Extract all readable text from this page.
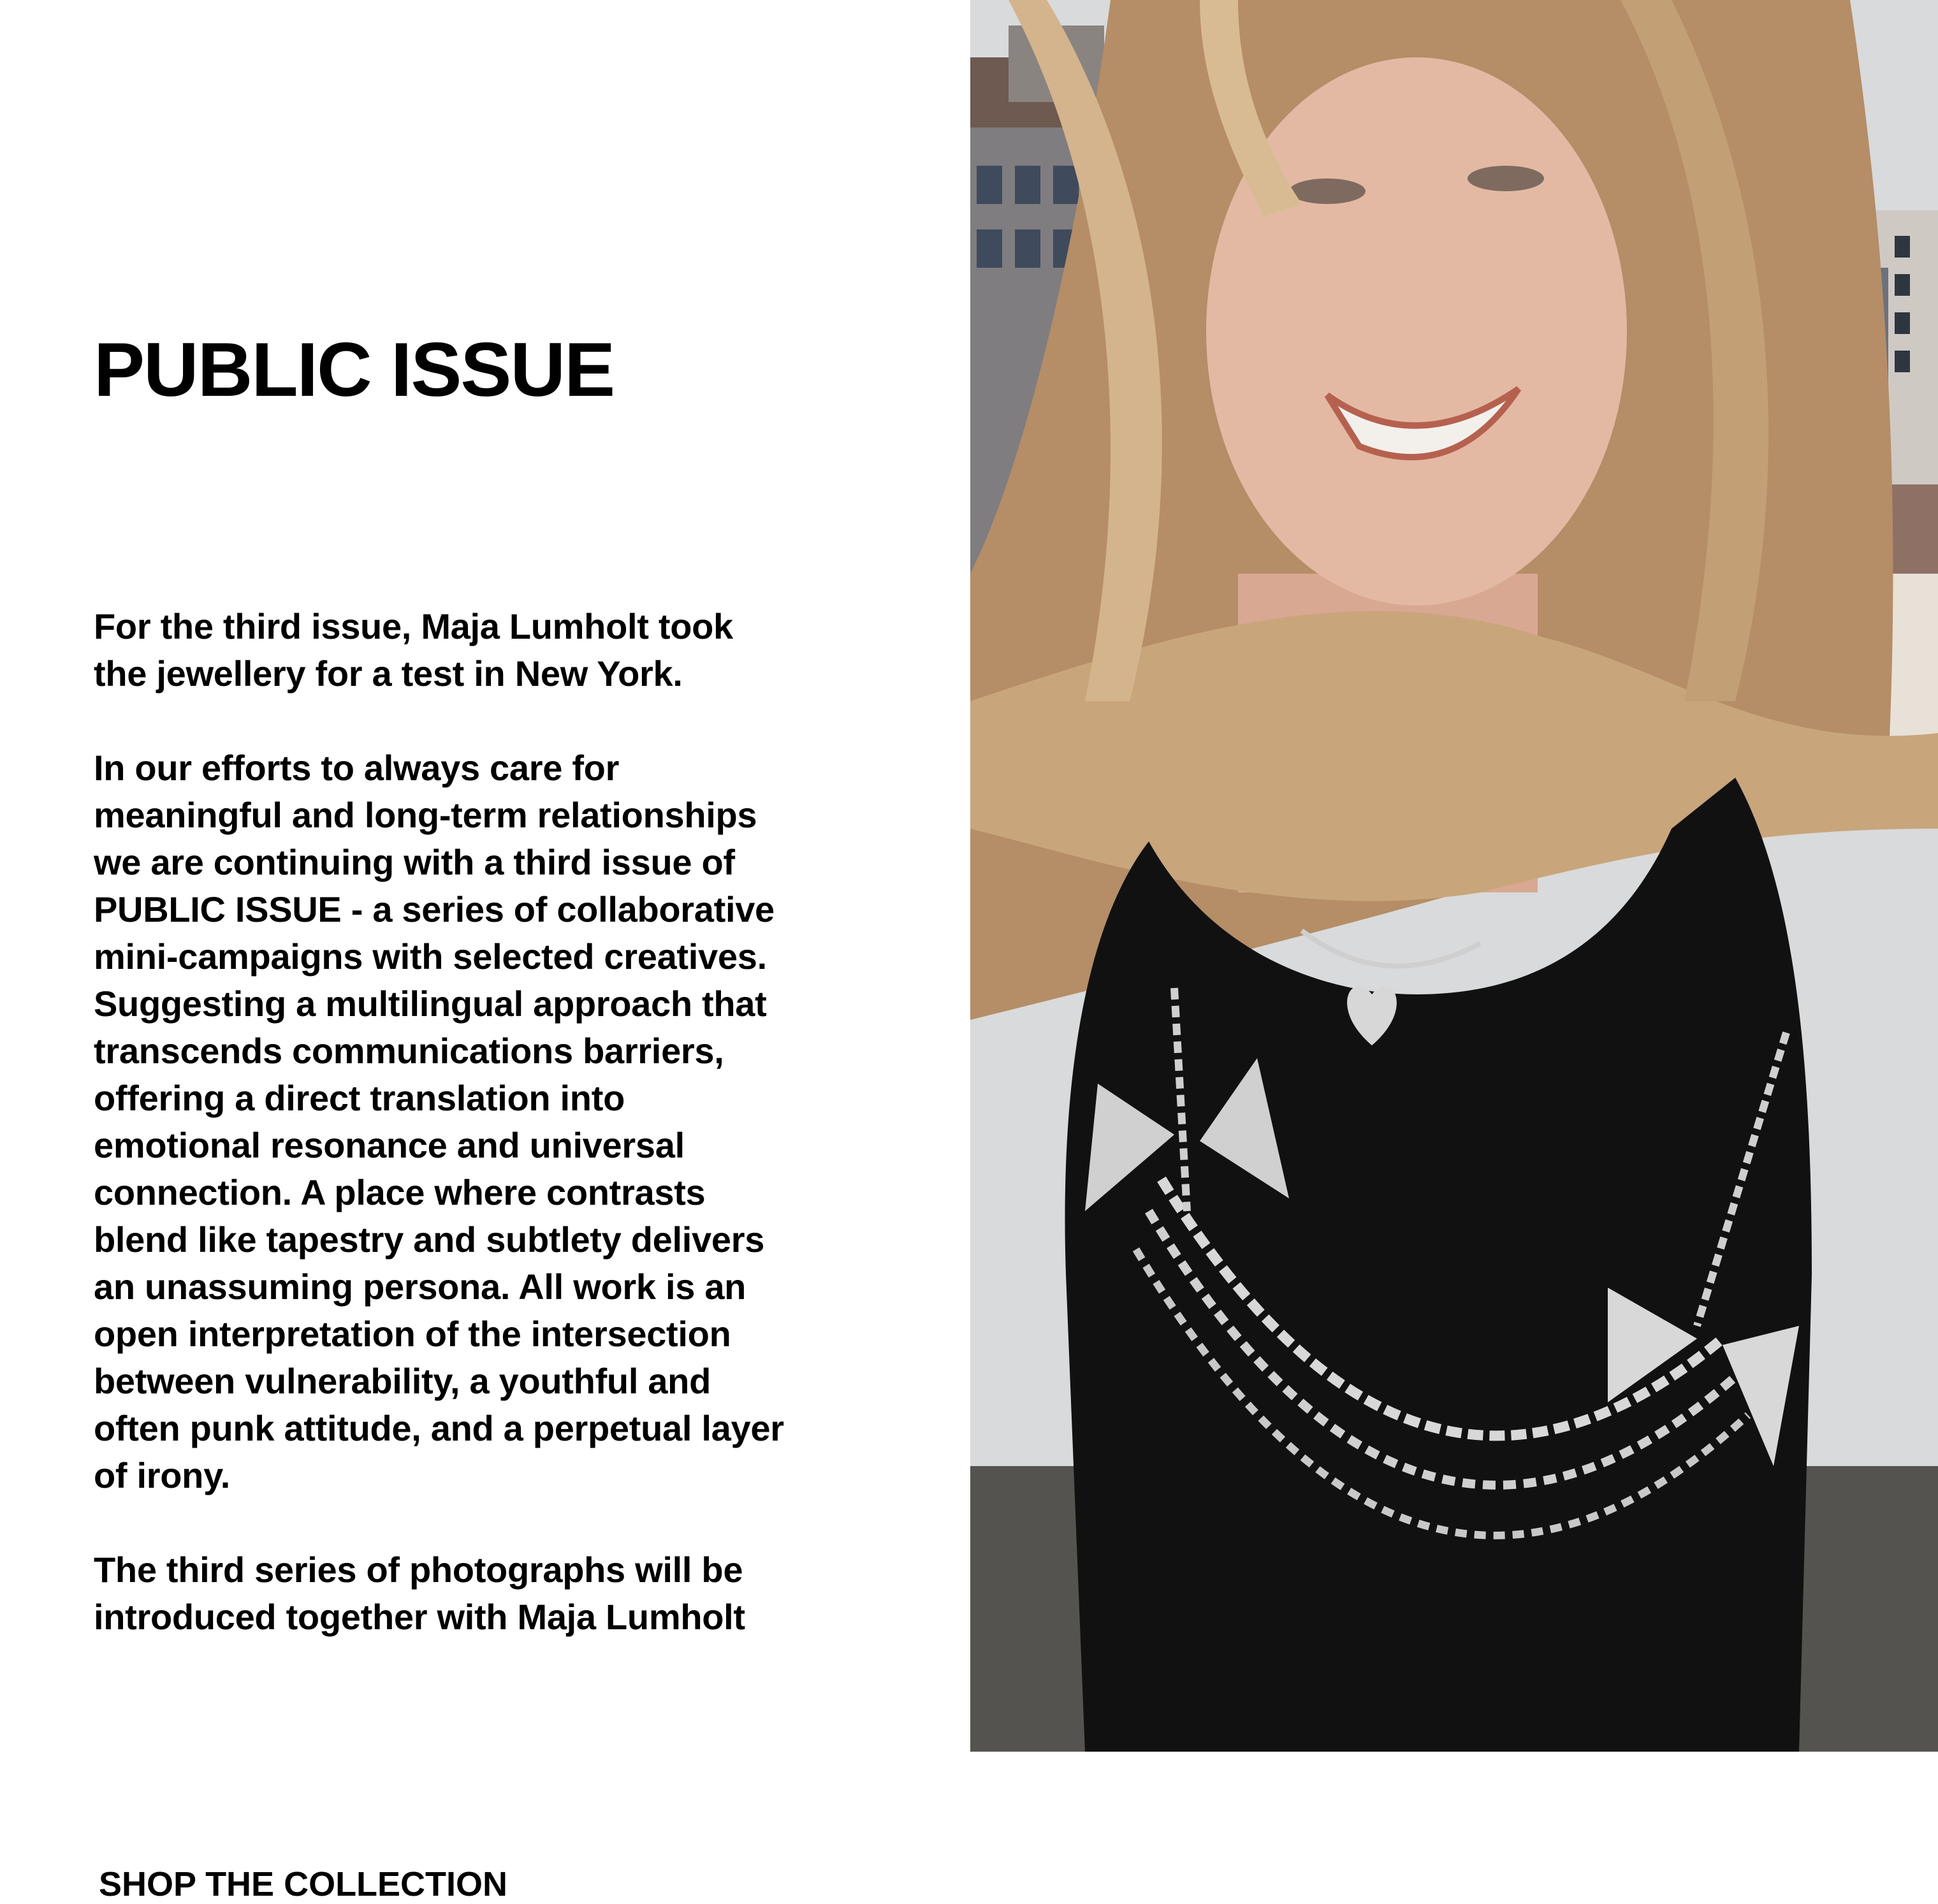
PUBLIC ISSUE

For the third issue, Maja Lumholt took
the jewellery for a test in New York.

In our efforts to always care for
meaningful and long-term relationships
we are continuing with a third issue of
PUBLIC ISSUE - a series of collaborative
mini-campaigns with selected creatives.
Suggesting a multilingual approach that
transcends communications barriers,
offering a direct translation into
emotional resonance and universal
connection. A place where contrasts
blend like tapestry and subtlety delivers
an unassuming persona. All work is an
open interpretation of the intersection
between vulnerability, a youthful and
often punk attitude, and a perpetual layer
of irony.

The third series of photographs will be
introduced together with Maja Lumholt

SHOP THE COLLECTION
